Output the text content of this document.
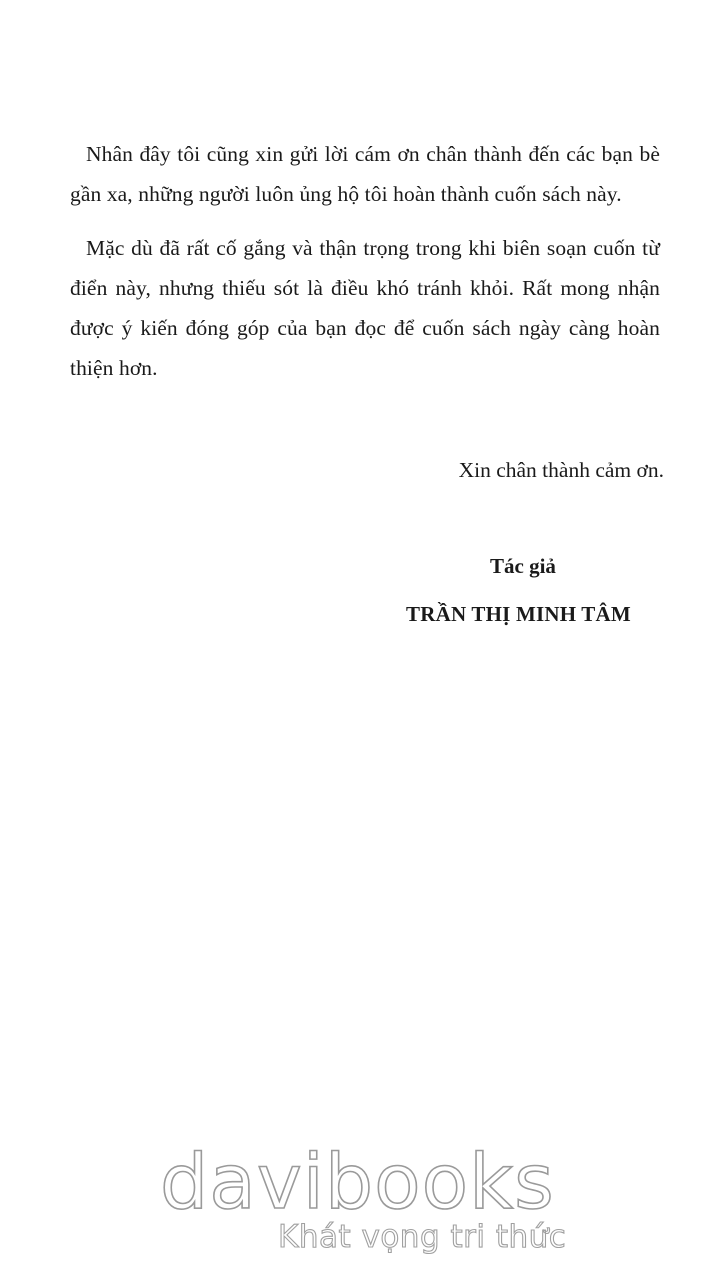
Nhân đây tôi cũng xin gửi lời cám ơn chân thành đến các bạn bè gần xa, những người luôn ủng hộ tôi hoàn thành cuốn sách này.

Mặc dù đã rất cố gắng và thận trọng trong khi biên soạn cuốn từ điển này, nhưng thiếu sót là điều khó tránh khỏi. Rất mong nhận được ý kiến đóng góp của bạn đọc để cuốn sách ngày càng hoàn thiện hơn.

Xin chân thành cảm ơn.
Tác giả
TRẦN THỊ MINH TÂM
davibooks
Khát vọng tri thức
